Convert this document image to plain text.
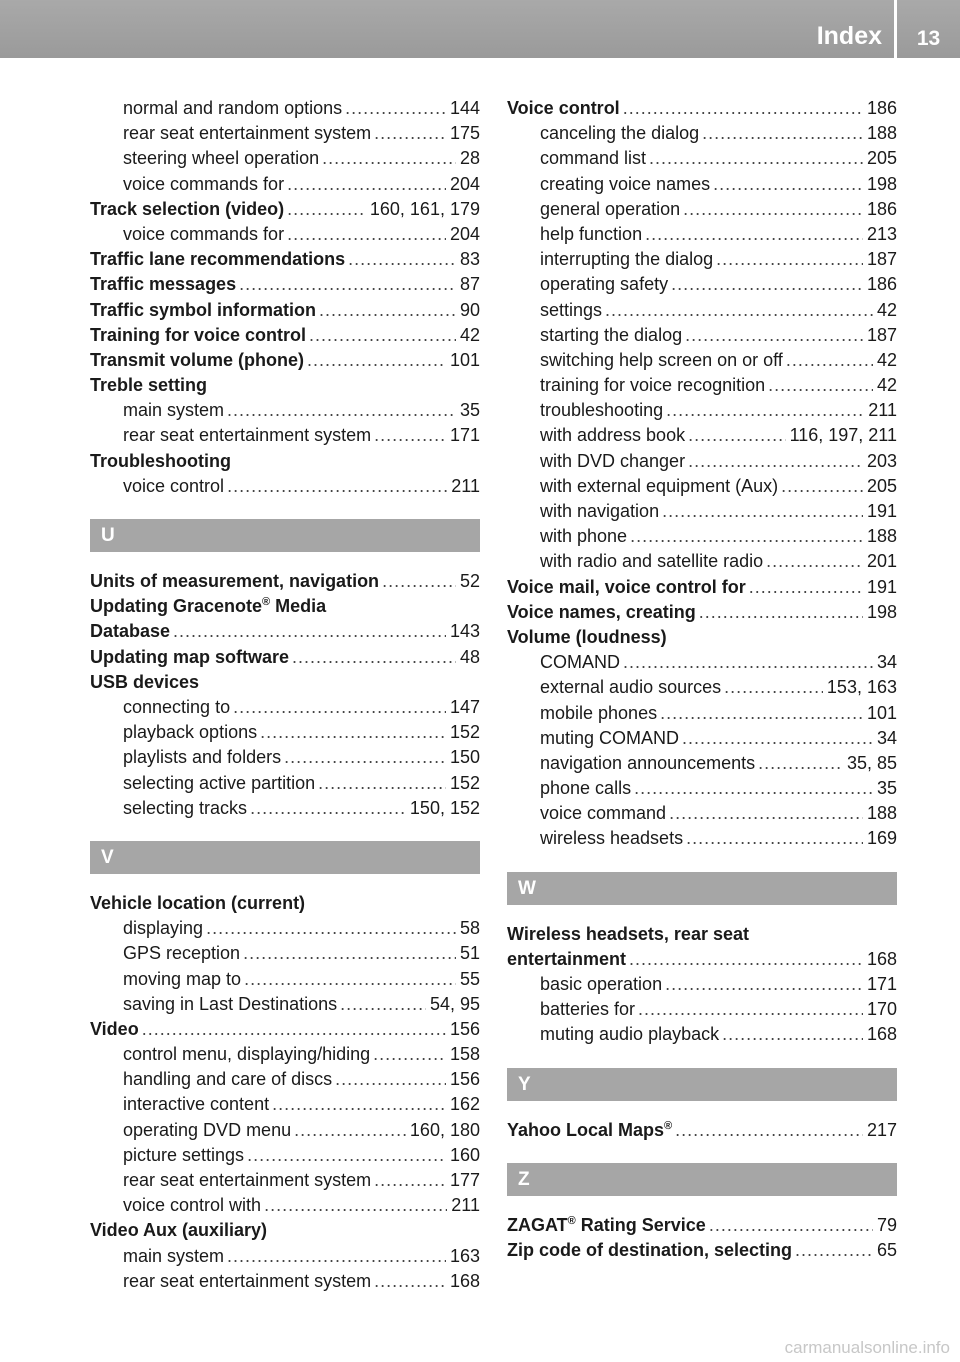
Index	13
normal and random options .....	144
rear seat entertainment system .....	175
steering wheel operation .....	28
voice commands for .....	204
Track selection (video) .....	160, 161, 179
voice commands for .....	204
Traffic lane recommendations .....	83
Traffic messages .....	87
Traffic symbol information .....	90
Training for voice control .....	42
Transmit volume (phone) .....	101
Treble setting
main system .....	35
rear seat entertainment system .....	171
Troubleshooting
voice control .....	211
U
Units of measurement, navigation .....	52
Updating Gracenote® Media
Database .....	143
Updating map software .....	48
USB devices
connecting to .....	147
playback options .....	152
playlists and folders .....	150
selecting active partition .....	152
selecting tracks .....	150, 152
V
Vehicle location (current)
displaying .....	58
GPS reception .....	51
moving map to .....	55
saving in Last Destinations .....	54, 95
Video .....	156
control menu, displaying/hiding .....	158
handling and care of discs .....	156
interactive content .....	162
operating DVD menu .....	160, 180
picture settings .....	160
rear seat entertainment system .....	177
voice control with .....	211
Video Aux (auxiliary)
main system .....	163
rear seat entertainment system .....	168
Voice control .....	186
canceling the dialog .....	188
command list .....	205
creating voice names .....	198
general operation .....	186
help function .....	213
interrupting the dialog .....	187
operating safety .....	186
settings .....	42
starting the dialog .....	187
switching help screen on or off .....	42
training for voice recognition .....	42
troubleshooting .....	211
with address book .....	116, 197, 211
with DVD changer .....	203
with external equipment (Aux) .....	205
with navigation .....	191
with phone .....	188
with radio and satellite radio .....	201
Voice mail, voice control for .....	191
Voice names, creating .....	198
Volume (loudness)
COMAND .....	34
external audio sources .....	153, 163
mobile phones .....	101
muting COMAND .....	34
navigation announcements .....	35, 85
phone calls .....	35
voice command .....	188
wireless headsets .....	169
W
Wireless headsets, rear seat
entertainment .....	168
basic operation .....	171
batteries for .....	170
muting audio playback .....	168
Y
Yahoo Local Maps® .....	217
Z
ZAGAT® Rating Service .....	79
Zip code of destination, selecting .....	65
carmanualsonline.info
